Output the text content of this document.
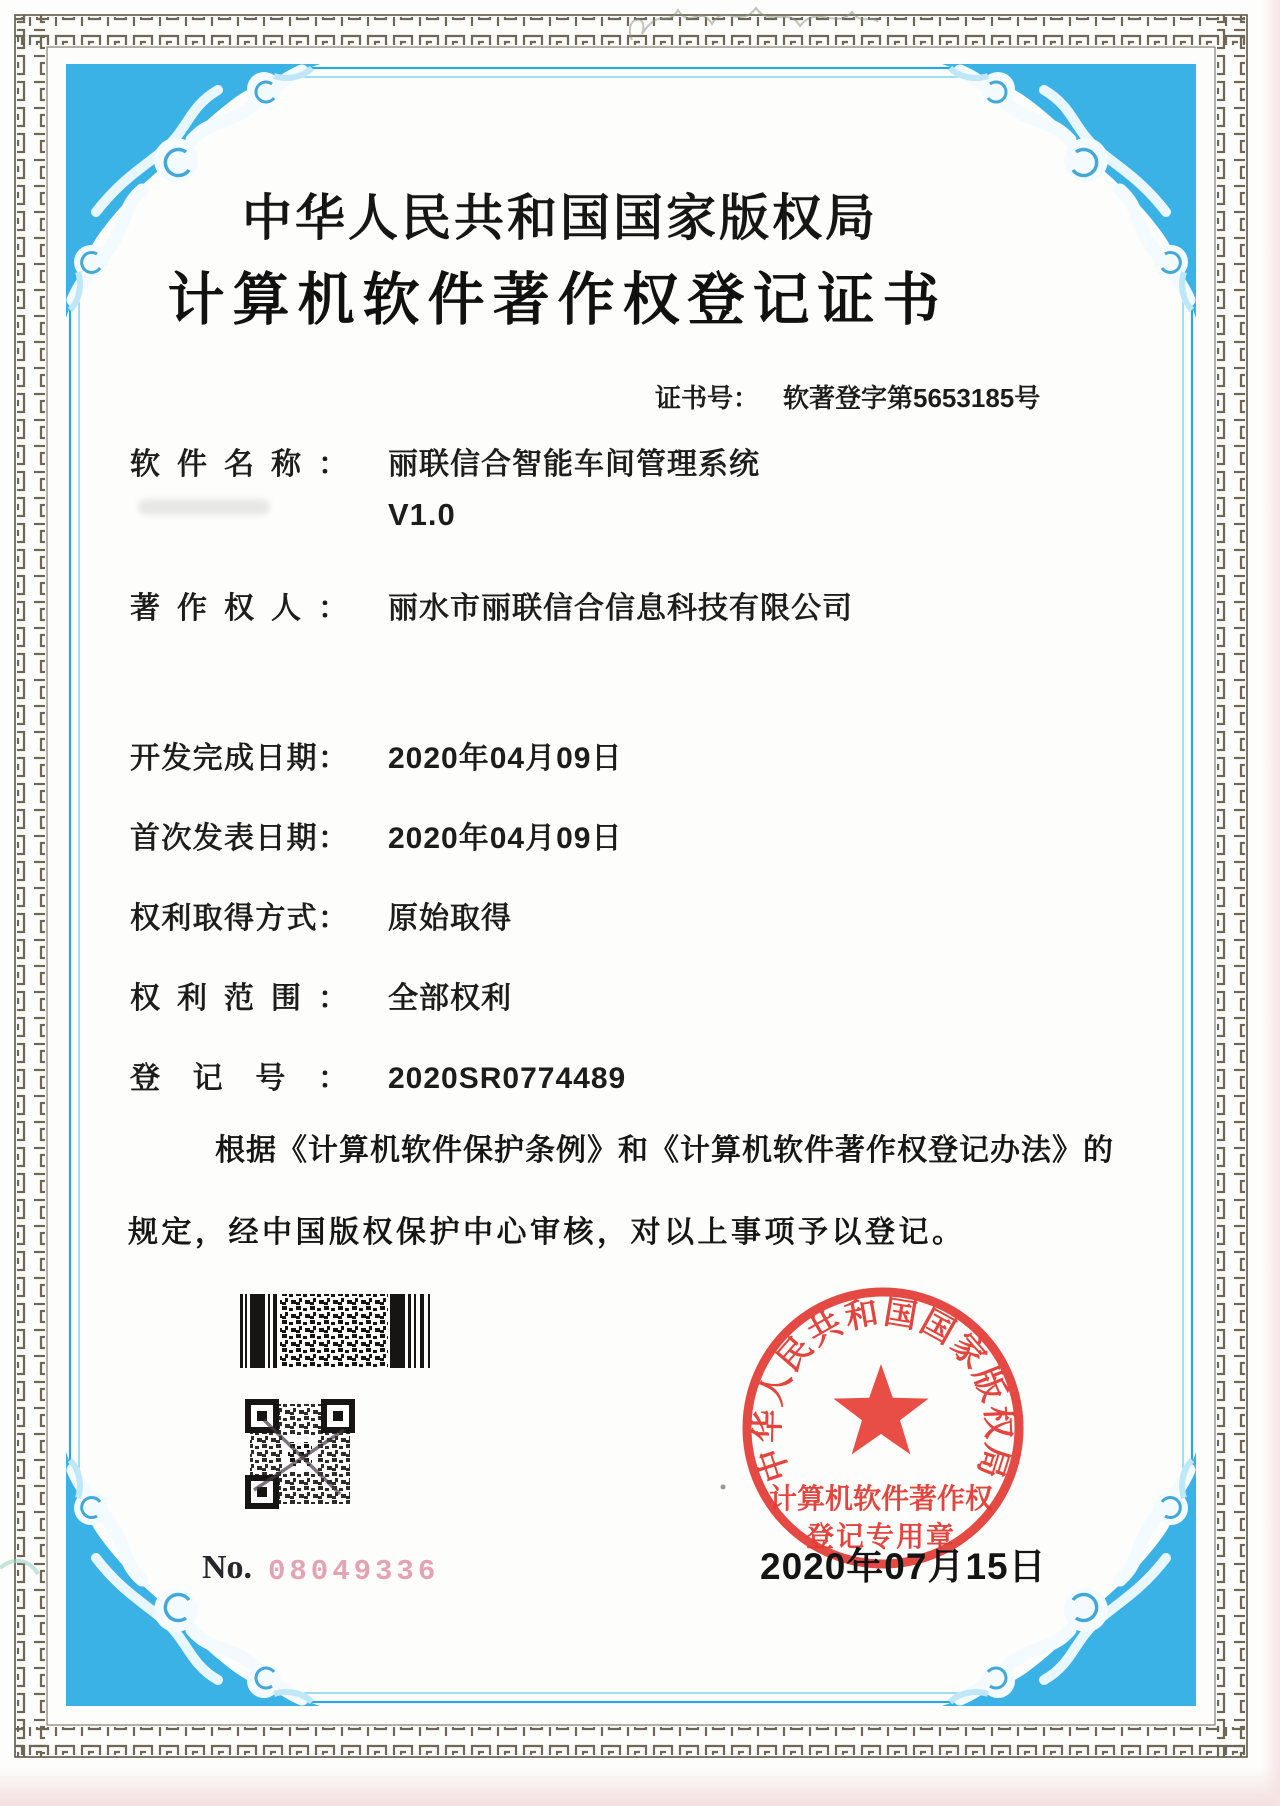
中华人民共和国国家版权局
计算机软件著作权
登记专用章
中华人民共和国国家版权局
计算机软件著作权登记证书
证书号： 软著登字第5653185号
软件名称： 丽联信合智能车间管理系统
V1.0
著作权人： 丽水市丽联信合信息科技有限公司
开发完成日期： 2020年04月09日
首次发表日期： 2020年04月09日
权利取得方式： 原始取得
权利范围： 全部权利
登记号： 2020SR0774489
根据《计算机软件保护条例》和《计算机软件著作权登记办法》的
规定，经中国版权保护中心审核，对以上事项予以登记。
No. 08049336	2020年07月15日
